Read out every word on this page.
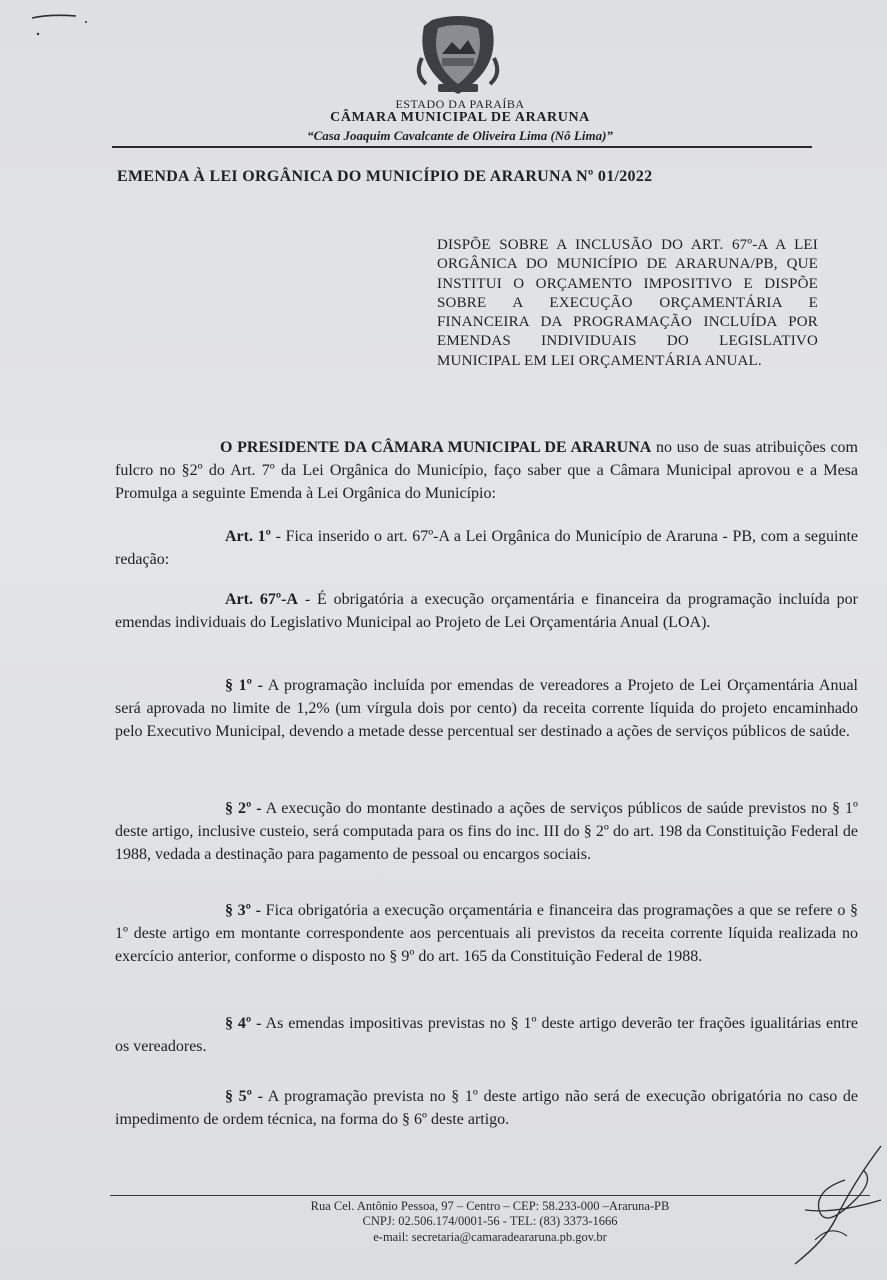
ESTADO DA PARAÍBA
CÂMARA MUNICIPAL DE ARARUNA
“Casa Joaquim Cavalcante de Oliveira Lima (Nô Lima)”
EMENDA À LEI ORGÂNICA DO MUNICÍPIO DE ARARUNA Nº 01/2022
DISPÕE SOBRE A INCLUSÃO DO ART. 67º-A A LEI ORGÂNICA DO MUNICÍPIO DE ARARUNA/PB, QUE INSTITUI O ORÇAMENTO IMPOSITIVO E DISPÕE SOBRE A EXECUÇÃO ORÇAMENTÁRIA E FINANCEIRA DA PROGRAMAÇÃO INCLUÍDA POR EMENDAS INDIVIDUAIS DO LEGISLATIVO MUNICIPAL EM LEI ORÇAMENTÁRIA ANUAL.
O PRESIDENTE DA CÂMARA MUNICIPAL DE ARARUNA no uso de suas atribuições com fulcro no §2º do Art. 7º da Lei Orgânica do Município, faço saber que a Câmara Municipal aprovou e a Mesa Promulga a seguinte Emenda à Lei Orgânica do Município:
Art. 1º - Fica inserido o art. 67º-A a Lei Orgânica do Município de Araruna - PB, com a seguinte redação:
Art. 67º-A - É obrigatória a execução orçamentária e financeira da programação incluída por emendas individuais do Legislativo Municipal ao Projeto de Lei Orçamentária Anual (LOA).
§ 1º - A programação incluída por emendas de vereadores a Projeto de Lei Orçamentária Anual será aprovada no limite de 1,2% (um vírgula dois por cento) da receita corrente líquida do projeto encaminhado pelo Executivo Municipal, devendo a metade desse percentual ser destinado a ações de serviços públicos de saúde.
§ 2º - A execução do montante destinado a ações de serviços públicos de saúde previstos no § 1º deste artigo, inclusive custeio, será computada para os fins do inc. III do § 2º do art. 198 da Constituição Federal de 1988, vedada a destinação para pagamento de pessoal ou encargos sociais.
§ 3º - Fica obrigatória a execução orçamentária e financeira das programações a que se refere o § 1º deste artigo em montante correspondente aos percentuais ali previstos da receita corrente líquida realizada no exercício anterior, conforme o disposto no § 9º do art. 165 da Constituição Federal de 1988.
§ 4º - As emendas impositivas previstas no § 1º deste artigo deverão ter frações igualitárias entre os vereadores.
§ 5º - A programação prevista no § 1º deste artigo não será de execução obrigatória no caso de impedimento de ordem técnica, na forma do § 6º deste artigo.
Rua Cel. Antônio Pessoa, 97 – Centro – CEP: 58.233-000 –Araruna-PB
CNPJ: 02.506.174/0001-56 - TEL: (83) 3373-1666
e-mail: secretaria@camaradeararuna.pb.gov.br
